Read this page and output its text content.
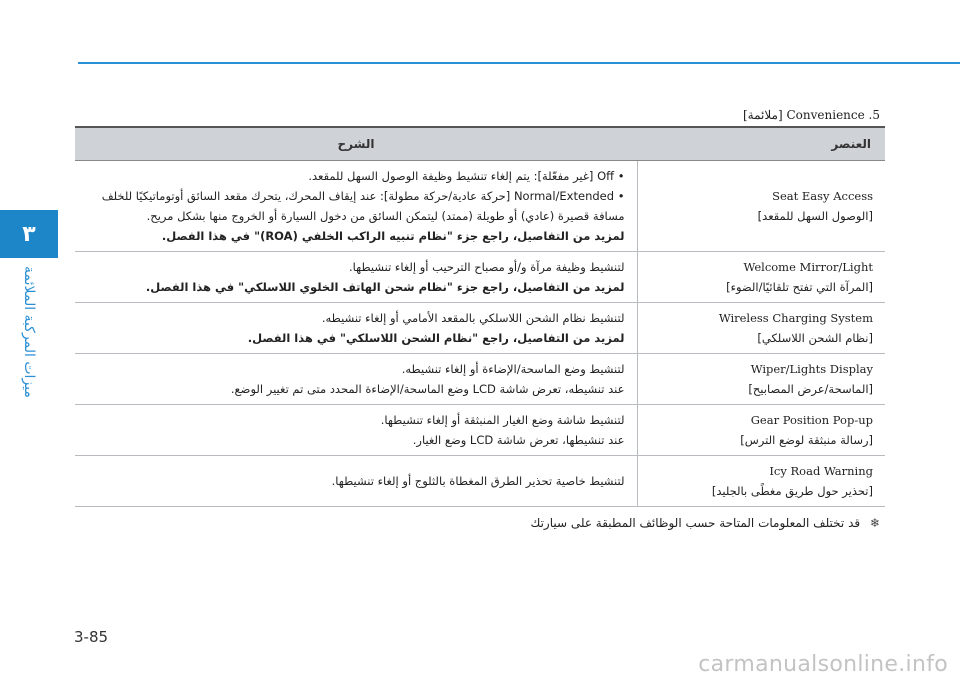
٣
ميزات المركبة الملائمة
5. Convenience [ملائمة]
العنصر	الشرح

Seat Easy Access
[الوصول السهل للمقعد]	• Off [غير مفعّلة]: يتم إلغاء تنشيط وظيفة الوصول السهل للمقعد.
• Normal/Extended [حركة عادية/حركة مطولة]: عند إيقاف المحرك، يتحرك مقعد السائق أوتوماتيكيًا للخلف
مسافة قصيرة (عادي) أو طويلة (ممتد) ليتمكن السائق من دخول السيارة أو الخروج منها بشكل مريح.
لمزيد من التفاصيل، راجع جزء "نظام تنبيه الراكب الخلفي (ROA)" في هذا الفصل.

Welcome Mirror/Light
[المرآة التي تفتح تلقائيًا/الضوء]	لتنشيط وظيفة مرآة و/أو مصباح الترحيب أو إلغاء تنشيطها.
لمزيد من التفاصيل، راجع جزء "نظام شحن الهاتف الخلوي اللاسلكي" في هذا الفصل.

Wireless Charging System
[نظام الشحن اللاسلكي]	لتنشيط نظام الشحن اللاسلكي بالمقعد الأمامي أو إلغاء تنشيطه.
لمزيد من التفاصيل، راجع "نظام الشحن اللاسلكي" في هذا الفصل.

Wiper/Lights Display
[الماسحة/عرض المصابيح]	لتنشيط وضع الماسحة/الإضاءة أو إلغاء تنشيطه.
عند تنشيطه، تعرض شاشة LCD وضع الماسحة/الإضاءة المحدد متى تم تغيير الوضع.

Gear Position Pop-up
[رسالة منبثقة لوضع الترس]	لتنشيط شاشة وضع الغيار المنبثقة أو إلغاء تنشيطها.
عند تنشيطها، تعرض شاشة LCD وضع الغيار.

Icy Road Warning
[تحذير حول طريق مغطًى بالجليد]	لتنشيط خاصية تحذير الطرق المغطاة بالثلوج أو إلغاء تنشيطها.
❄ قد تختلف المعلومات المتاحة حسب الوظائف المطبقة على سيارتك
3-85
carmanualsonline.info
